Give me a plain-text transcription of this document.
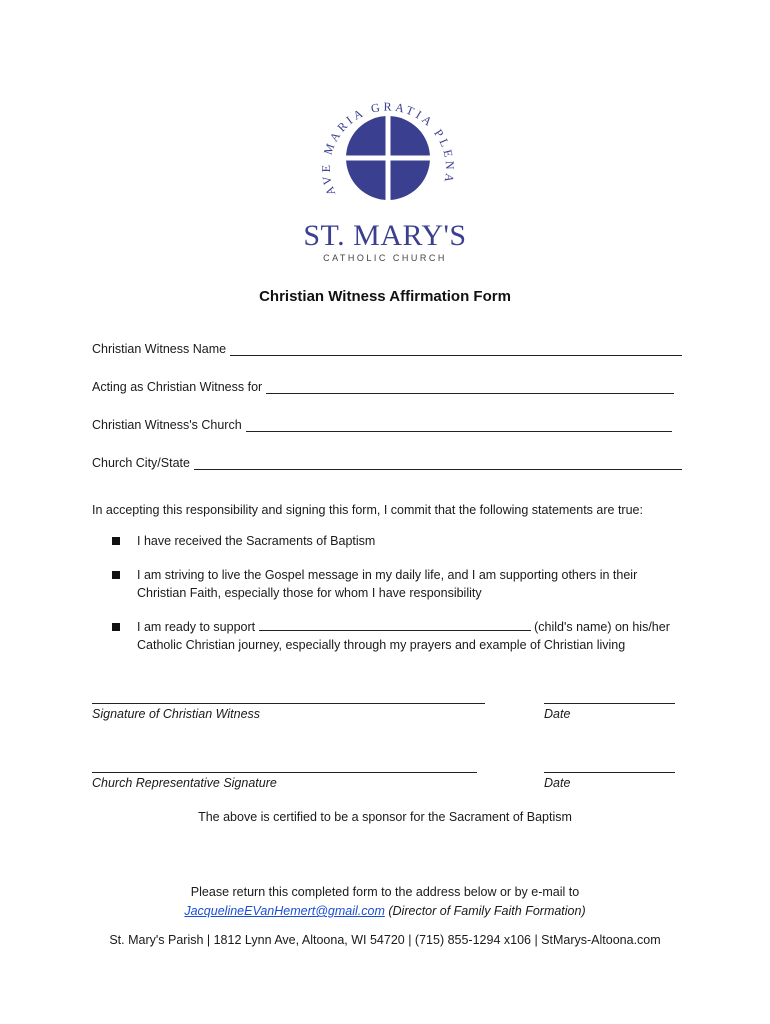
AVE MARIA GRATIA PLENA
ST. MARY'S
CATHOLIC CHURCH
Christian Witness Affirmation Form
Christian Witness Name
Acting as Christian Witness for
Christian Witness's Church
Church City/State
In accepting this responsibility and signing this form, I commit that the following statements are true:
I have received the Sacraments of Baptism
I am striving to live the Gospel message in my daily life, and I am supporting others in their Christian Faith, especially those for whom I have responsibility
I am ready to support	(child's name) on his/her Catholic Christian journey, especially through my prayers and example of Christian living
Signature of Christian Witness	Date
Church Representative Signature	Date
The above is certified to be a sponsor for the Sacrament of Baptism
Please return this completed form to the address below or by e-mail to
JacquelineEVanHemert@gmail.com (Director of Family Faith Formation)
St. Mary's Parish | 1812 Lynn Ave, Altoona, WI 54720 | (715) 855-1294 x106 | StMarys-Altoona.com
